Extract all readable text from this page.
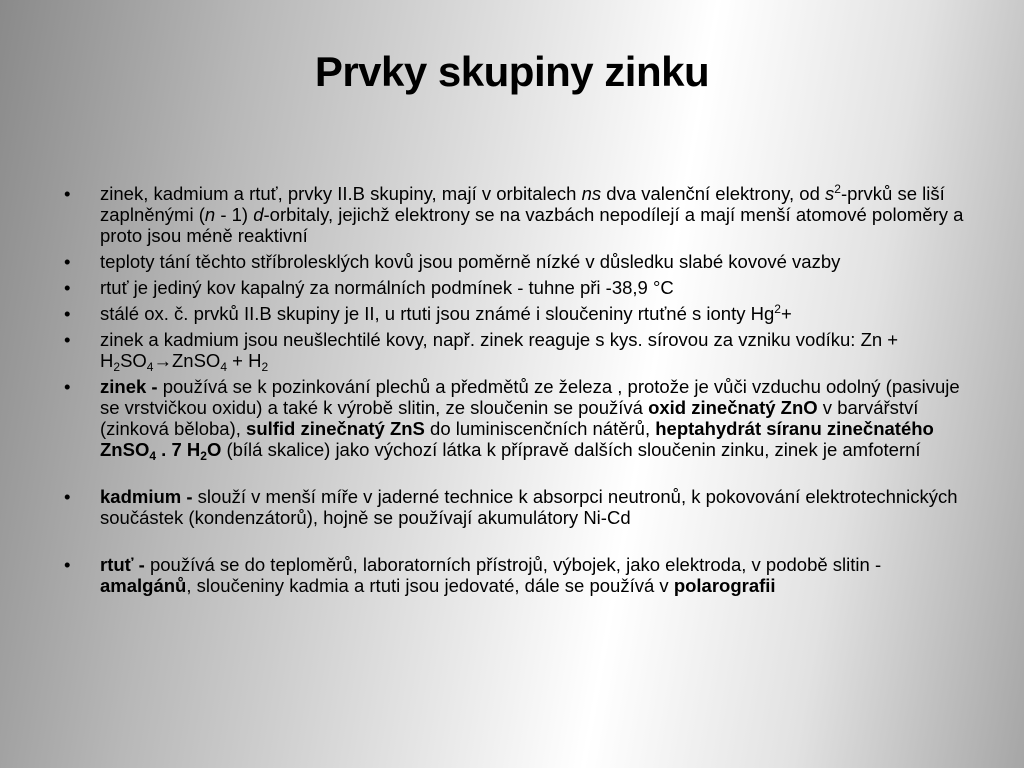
Prvky skupiny zinku
• zinek, kadmium a rtuť, prvky II.B skupiny, mají v orbitalech ns dva valenční elektrony, od $s^2$-prvků se liší zaplněnými (n - 1) d-orbitaly, jejichž elektrony se na vazbách nepodílejí a mají menší atomové poloměry a proto jsou méně reaktivní
• teploty tání těchto stříbrolesklých kovů jsou poměrně nízké v důsledku slabé kovové vazby
• rtuť je jediný kov kapalný za normálních podmínek - tuhne při -38,9 °C
• stálé ox. č. prvků II.B skupiny je II, u rtuti jsou známé i sloučeniny rtuťné s ionty $Hg^2+$
• zinek a kadmium jsou neušlechtilé kovy, např. zinek reaguje s kys. sírovou za vzniku vodíku: $Zn + H_2SO_4\to ZnSO_4 + H_2$
• zinek - používá se k pozinkování plechů a předmětů ze železa , protože je vůči vzduchu odolný (pasivuje se vrstvičkou oxidu) a také k výrobě slitin, ze sloučenin se používá oxid zinečnatý ZnO v barvářství (zinková běloba), sulfid zinečnatý ZnS do luminiscenčních nátěrů, heptahydrát síranu zinečnatého ZnSO$_4$ . 7 $H_2O$ (bílá skalice) jako výchozí látka k přípravě dalších sloučenin zinku, zinek je amfoterní
• kadmium - slouží v menší míře v jaderné technice k absorpci neutronů, k pokovování elektrotechnických součástek (kondenzátorů), hojně se používají akumulátory Ni-Cd
• rtuť - používá se do teploměrů, laboratorních přístrojů, výbojek, jako elektroda, v podobě slitin - amalgánů, sloučeniny kadmia a rtuti jsou jedovaté, dále se používá v polarografii
